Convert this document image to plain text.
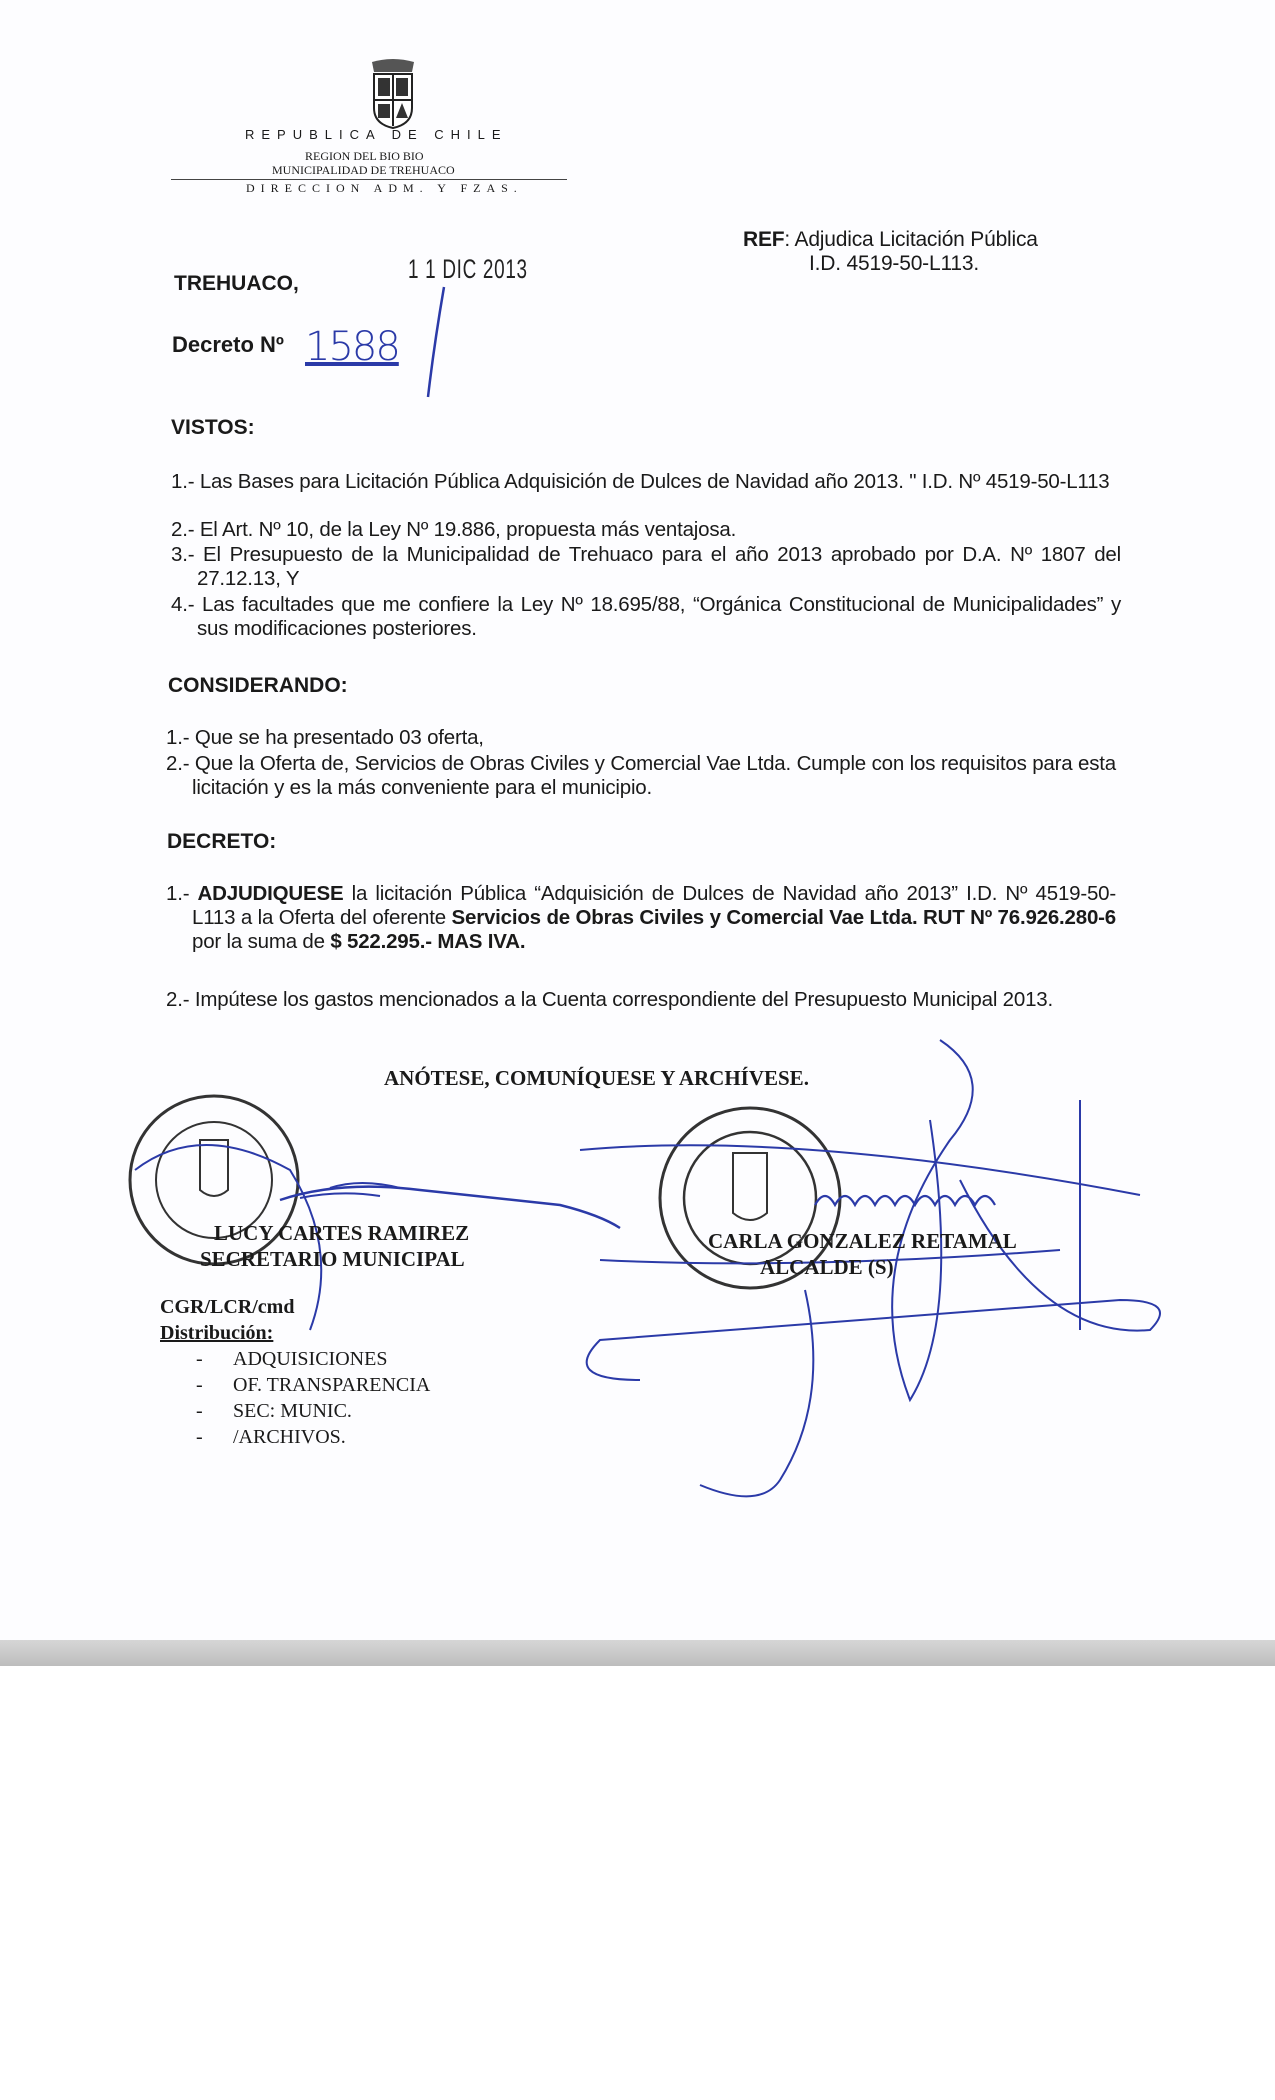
REPUBLICA DE CHILE
REGION DEL BIO BIO
MUNICIPALIDAD DE TREHUACO
DIRECCION ADM. Y FZAS.
REF: Adjudica Licitación Pública
I.D. 4519-50-L113.
TREHUACO,	1 1 DIC 2013
Decreto Nº 1588
VISTOS:
1.- Las Bases para Licitación Pública Adquisición de Dulces de Navidad año 2013. " I.D. Nº 4519-50-L113
2.- El Art. Nº 10, de la Ley Nº 19.886, propuesta más ventajosa.
3.- El Presupuesto de la Municipalidad de Trehuaco para el año 2013 aprobado por D.A. Nº 1807 del 27.12.13, Y
4.- Las facultades que me confiere la Ley Nº 18.695/88, “Orgánica Constitucional de Municipalidades” y sus modificaciones posteriores.
CONSIDERANDO:
1.- Que se ha presentado 03 oferta,
2.- Que la Oferta de, Servicios de Obras Civiles y Comercial Vae Ltda. Cumple con los requisitos para esta licitación y es la más conveniente para el municipio.
DECRETO:
1.- ADJUDIQUESE la licitación Pública “Adquisición de Dulces de Navidad año 2013” I.D. Nº 4519-50-L113 a la Oferta del oferente Servicios de Obras Civiles y Comercial Vae Ltda. RUT Nº 76.926.280-6 por la suma de $ 522.295.- MAS IVA.
2.- Impútese los gastos mencionados a la Cuenta correspondiente del Presupuesto Municipal 2013.
ANÓTESE, COMUNÍQUESE Y ARCHÍVESE.
LUCY CARTES RAMIREZ
SECRETARIO MUNICIPAL
CARLA GONZALEZ RETAMAL
ALCALDE (S)
CGR/LCR/cmd
Distribución:
- ADQUISICIONES
- OF. TRANSPARENCIA
- SEC: MUNIC.
- /ARCHIVOS.
